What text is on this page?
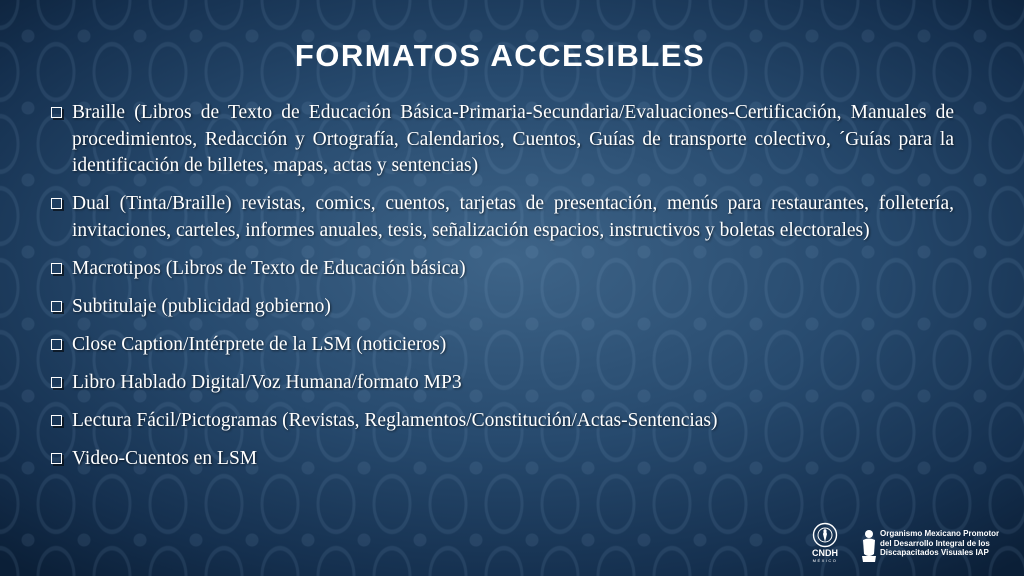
FORMATOS ACCESIBLES
Braille (Libros de Texto de Educación Básica-Primaria-Secundaria/Evaluaciones-Certificación, Manuales de procedimientos, Redacción y Ortografía, Calendarios, Cuentos, Guías de transporte colectivo, ´Guías para la identificación de billetes, mapas, actas y sentencias)
Dual (Tinta/Braille) revistas, comics, cuentos, tarjetas de presentación, menús para restaurantes, folletería, invitaciones, carteles, informes anuales, tesis, señalización espacios, instructivos y boletas electorales)
Macrotipos (Libros de Texto de Educación básica)
Subtitulaje (publicidad gobierno)
Close Caption/Intérprete de la LSM (noticieros)
Libro Hablado Digital/Voz Humana/formato MP3
Lectura Fácil/Pictogramas (Revistas, Reglamentos/Constitución/Actas-Sentencias)
Video-Cuentos en LSM
CNDH
MÉXICO
Organismo Mexicano Promotor
del Desarrollo Integral de los
Discapacitados Visuales IAP
